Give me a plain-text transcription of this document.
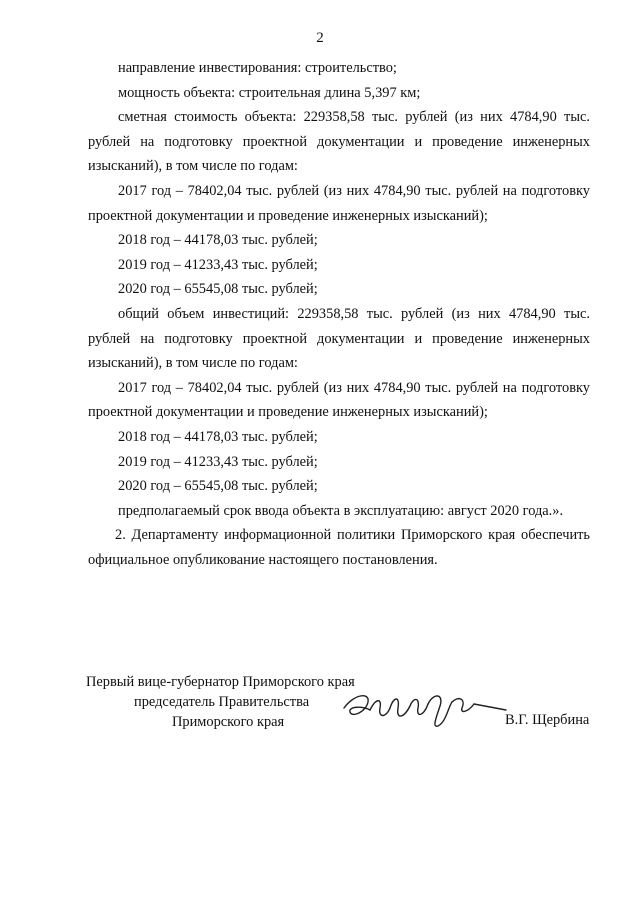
2

направление инвестирования: строительство;

мощность объекта: строительная длина 5,397 км;

сметная стоимость объекта: 229358,58 тыс. рублей (из них 4784,90 тыс. рублей на подготовку проектной документации и проведение инженерных изысканий), в том числе по годам:

2017 год – 78402,04 тыс. рублей (из них 4784,90 тыс. рублей на подготовку проектной документации и проведение инженерных изысканий);

2018 год – 44178,03 тыс. рублей;

2019 год – 41233,43 тыс. рублей;

2020 год – 65545,08 тыс. рублей;

общий объем инвестиций: 229358,58 тыс. рублей (из них 4784,90 тыс. рублей на подготовку проектной документации и проведение инженерных изысканий), в том числе по годам:

2017 год – 78402,04 тыс. рублей (из них 4784,90 тыс. рублей на подготовку проектной документации и проведение инженерных изысканий);

2018 год – 44178,03 тыс. рублей;

2019 год – 41233,43 тыс. рублей;

2020 год – 65545,08 тыс. рублей;

предполагаемый срок ввода объекта в эксплуатацию: август 2020 года.».

2. Департаменту информационной политики Приморского края обеспечить официальное опубликование настоящего постановления.

Первый вице-губернатор Приморского края
председатель Правительства
Приморского края	В.Г. Щербина
